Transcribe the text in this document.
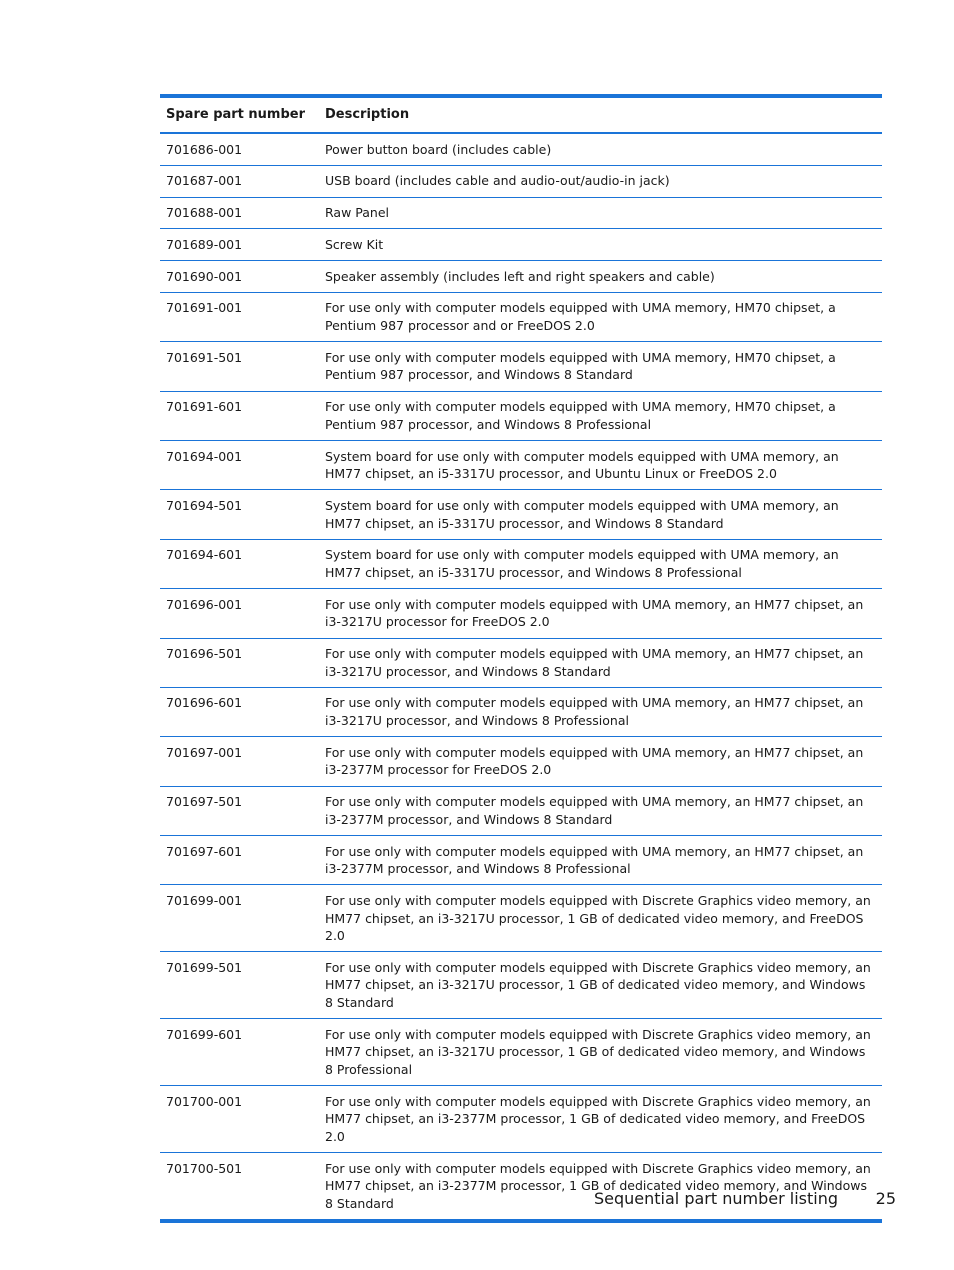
Spare part number	Description
701686-001	Power button board (includes cable)
701687-001	USB board (includes cable and audio-out/audio-in jack)
701688-001	Raw Panel
701689-001	Screw Kit
701690-001	Speaker assembly (includes left and right speakers and cable)
701691-001	For use only with computer models equipped with UMA memory, HM70 chipset, a Pentium 987 processor and or FreeDOS 2.0
701691-501	For use only with computer models equipped with UMA memory, HM70 chipset, a Pentium 987 processor, and Windows 8 Standard
701691-601	For use only with computer models equipped with UMA memory, HM70 chipset, a Pentium 987 processor, and Windows 8 Professional
701694-001	System board for use only with computer models equipped with UMA memory, an HM77 chipset, an i5-3317U processor, and Ubuntu Linux or FreeDOS 2.0
701694-501	System board for use only with computer models equipped with UMA memory, an HM77 chipset, an i5-3317U processor, and Windows 8 Standard
701694-601	System board for use only with computer models equipped with UMA memory, an HM77 chipset, an i5-3317U processor, and Windows 8 Professional
701696-001	For use only with computer models equipped with UMA memory, an HM77 chipset, an i3-3217U processor for FreeDOS 2.0
701696-501	For use only with computer models equipped with UMA memory, an HM77 chipset, an i3-3217U processor, and Windows 8 Standard
701696-601	For use only with computer models equipped with UMA memory, an HM77 chipset, an i3-3217U processor, and Windows 8 Professional
701697-001	For use only with computer models equipped with UMA memory, an HM77 chipset, an i3-2377M processor for FreeDOS 2.0
701697-501	For use only with computer models equipped with UMA memory, an HM77 chipset, an i3-2377M processor, and Windows 8 Standard
701697-601	For use only with computer models equipped with UMA memory, an HM77 chipset, an i3-2377M processor, and Windows 8 Professional
701699-001	For use only with computer models equipped with Discrete Graphics video memory, an HM77 chipset, an i3-3217U processor, 1 GB of dedicated video memory, and FreeDOS 2.0
701699-501	For use only with computer models equipped with Discrete Graphics video memory, an HM77 chipset, an i3-3217U processor, 1 GB of dedicated video memory, and Windows 8 Standard
701699-601	For use only with computer models equipped with Discrete Graphics video memory, an HM77 chipset, an i3-3217U processor, 1 GB of dedicated video memory, and Windows 8 Professional
701700-001	For use only with computer models equipped with Discrete Graphics video memory, an HM77 chipset, an i3-2377M processor, 1 GB of dedicated video memory, and FreeDOS 2.0
701700-501	For use only with computer models equipped with Discrete Graphics video memory, an HM77 chipset, an i3-2377M processor, 1 GB of dedicated video memory, and Windows 8 Standard	Sequential part number listing 25
